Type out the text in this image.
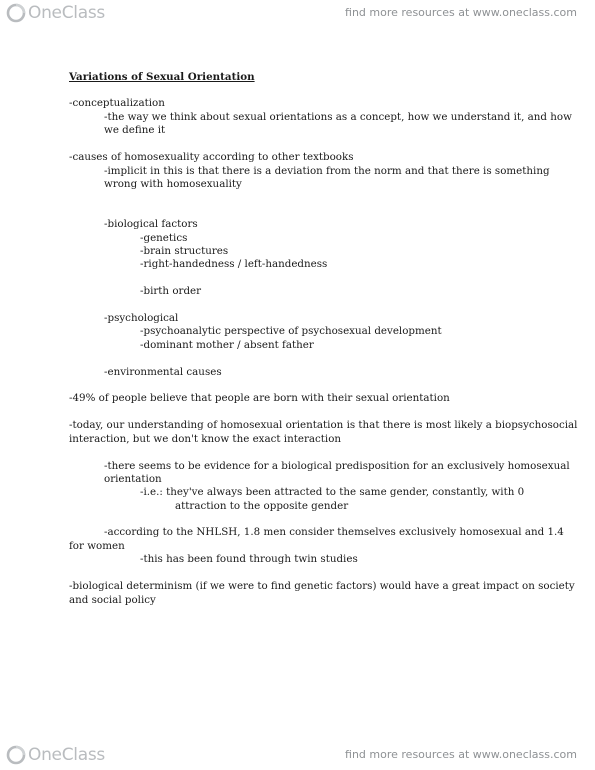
OneClass	find more resources at www.oneclass.com
Variations of Sexual Orientation
-conceptualization
-the way we think about sexual orientations as a concept, how we understand it, and how
we define it
-causes of homosexuality according to other textbooks
-implicit in this is that there is a deviation from the norm and that there is something
wrong with homosexuality
-biological factors
-genetics
-brain structures
-right-handedness / left-handedness
-birth order
-psychological
-psychoanalytic perspective of psychosexual development
-dominant mother / absent father
-environmental causes
-49% of people believe that people are born with their sexual orientation
-today, our understanding of homosexual orientation is that there is most likely a biopsychosocial
interaction, but we don't know the exact interaction
-there seems to be evidence for a biological predisposition for an exclusively homosexual
orientation
-i.e.: they've always been attracted to the same gender, constantly, with 0
attraction to the opposite gender
-according to the NHLSH, 1.8 men consider themselves exclusively homosexual and 1.4
for women
-this has been found through twin studies
-biological determinism (if we were to find genetic factors) would have a great impact on society
and social policy
OneClass	find more resources at www.oneclass.com
